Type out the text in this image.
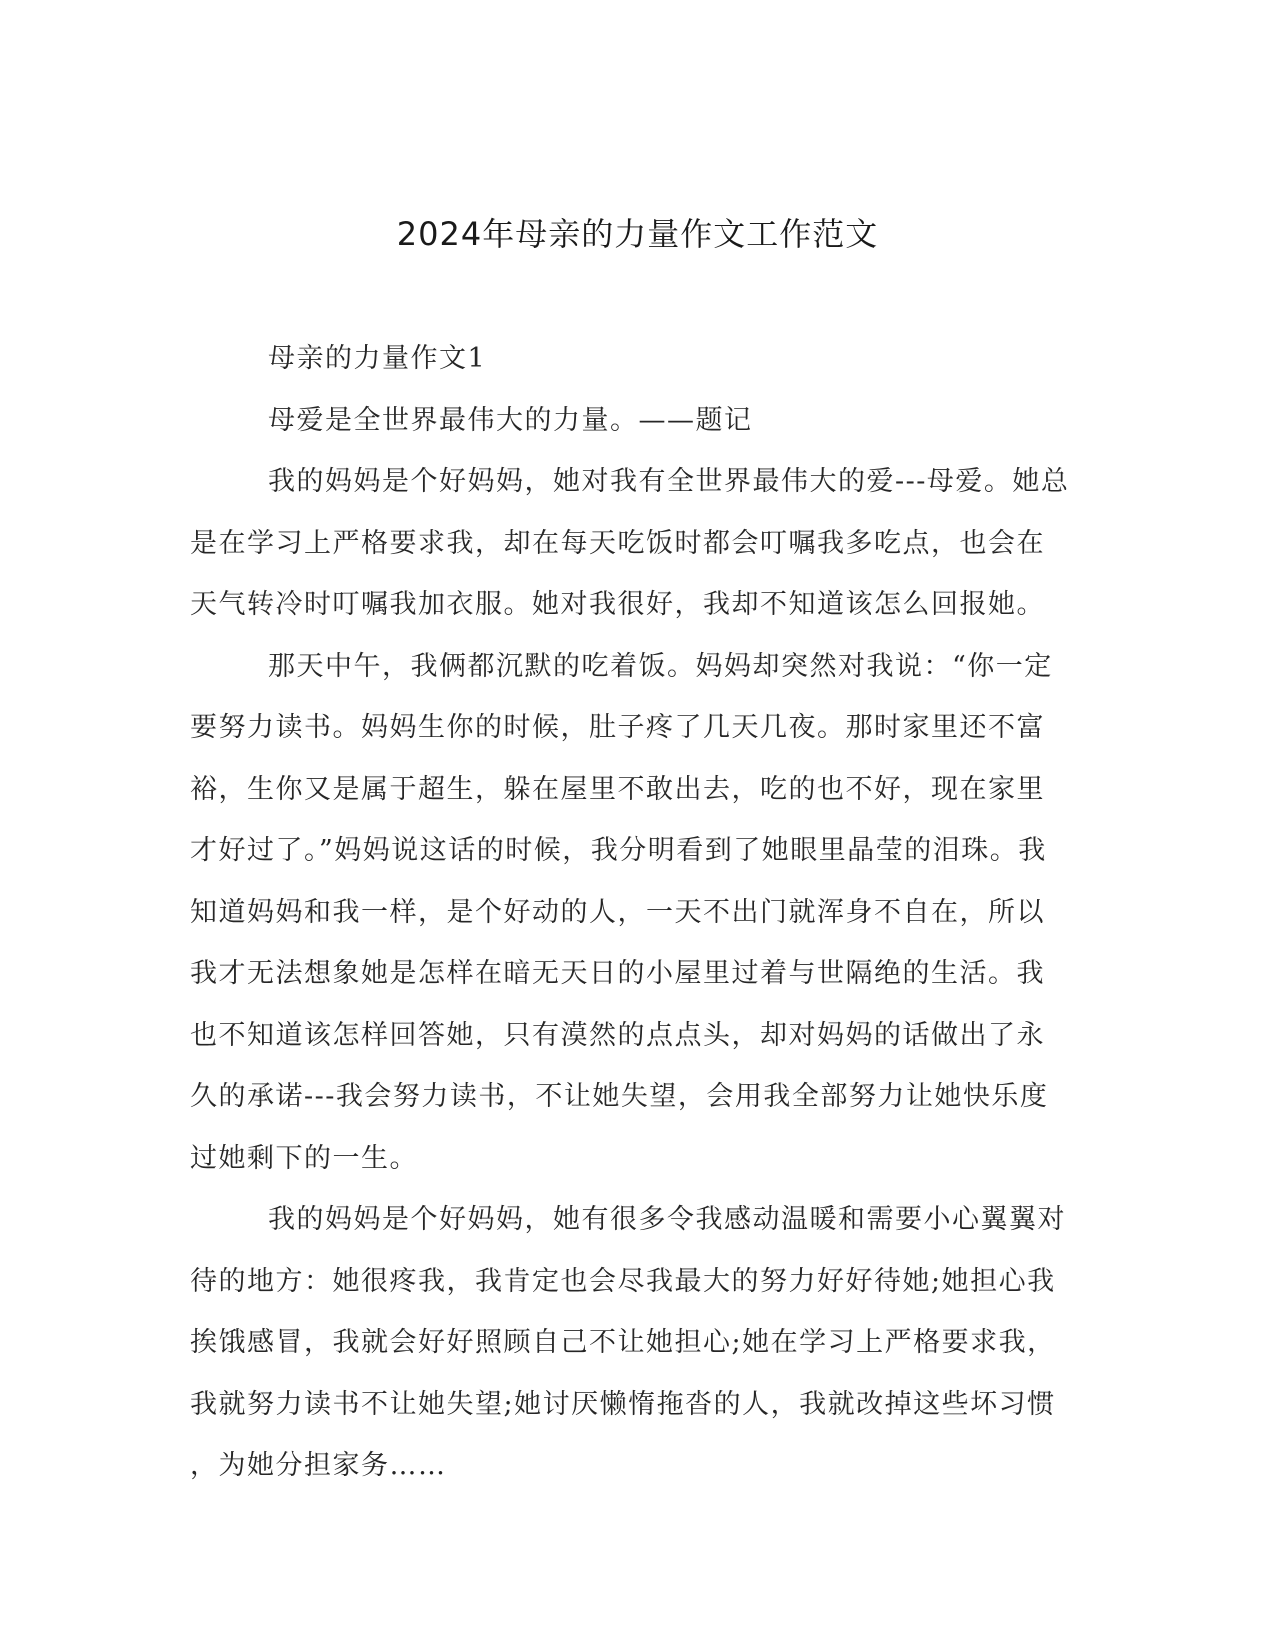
2024年母亲的力量作文工作范文

母亲的力量作文1

母爱是全世界最伟大的力量。——题记

我的妈妈是个好妈妈，她对我有全世界最伟大的爱---母爱。她总
是在学习上严格要求我，却在每天吃饭时都会叮嘱我多吃点，也会在
天气转冷时叮嘱我加衣服。她对我很好，我却不知道该怎么回报她。

那天中午，我俩都沉默的吃着饭。妈妈却突然对我说：“你一定
要努力读书。妈妈生你的时候，肚子疼了几天几夜。那时家里还不富
裕，生你又是属于超生，躲在屋里不敢出去，吃的也不好，现在家里
才好过了。”妈妈说这话的时候，我分明看到了她眼里晶莹的泪珠。我
知道妈妈和我一样，是个好动的人，一天不出门就浑身不自在，所以
我才无法想象她是怎样在暗无天日的小屋里过着与世隔绝的生活。我
也不知道该怎样回答她，只有漠然的点点头，却对妈妈的话做出了永
久的承诺---我会努力读书，不让她失望，会用我全部努力让她快乐度
过她剩下的一生。

我的妈妈是个好妈妈，她有很多令我感动温暖和需要小心翼翼对
待的地方：她很疼我，我肯定也会尽我最大的努力好好待她;她担心我
挨饿感冒，我就会好好照顾自己不让她担心;她在学习上严格要求我，
我就努力读书不让她失望;她讨厌懒惰拖沓的人，我就改掉这些坏习惯
，为她分担家务……
